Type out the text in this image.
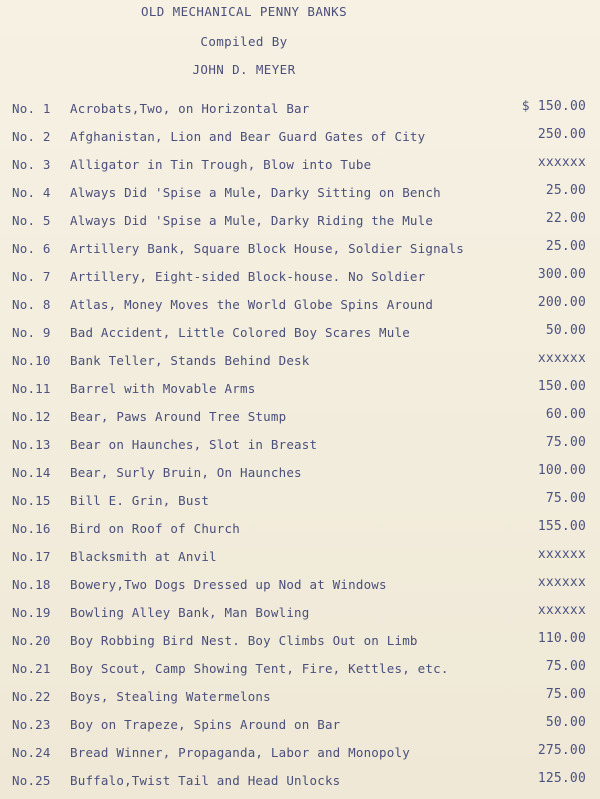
OLD MECHANICAL PENNY BANKS
Compiled By
JOHN D. MEYER
No. 1 Acrobats,Two, on Horizontal Bar	$ 150.00
No. 2 Afghanistan, Lion and Bear Guard Gates of City	250.00
No. 3 Alligator in Tin Trough, Blow into Tube	xxxxxx
No. 4 Always Did 'Spise a Mule, Darky Sitting on Bench	25.00
No. 5 Always Did 'Spise a Mule, Darky Riding the Mule	22.00
No. 6 Artillery Bank, Square Block House, Soldier Signals	25.00
No. 7 Artillery, Eight-sided Block-house. No Soldier	300.00
No. 8 Atlas, Money Moves the World Globe Spins Around	200.00
No. 9 Bad Accident, Little Colored Boy Scares Mule	50.00
No.10 Bank Teller, Stands Behind Desk	xxxxxx
No.11 Barrel with Movable Arms	150.00
No.12 Bear, Paws Around Tree Stump	60.00
No.13 Bear on Haunches, Slot in Breast	75.00
No.14 Bear, Surly Bruin, On Haunches	100.00
No.15 Bill E. Grin, Bust	75.00
No.16 Bird on Roof of Church	155.00
No.17 Blacksmith at Anvil	xxxxxx
No.18 Bowery,Two Dogs Dressed up Nod at Windows	xxxxxx
No.19 Bowling Alley Bank, Man Bowling	xxxxxx
No.20 Boy Robbing Bird Nest. Boy Climbs Out on Limb	110.00
No.21 Boy Scout, Camp Showing Tent, Fire, Kettles, etc.	75.00
No.22 Boys, Stealing Watermelons	75.00
No.23 Boy on Trapeze, Spins Around on Bar	50.00
No.24 Bread Winner, Propaganda, Labor and Monopoly	275.00
No.25 Buffalo,Twist Tail and Head Unlocks	125.00
